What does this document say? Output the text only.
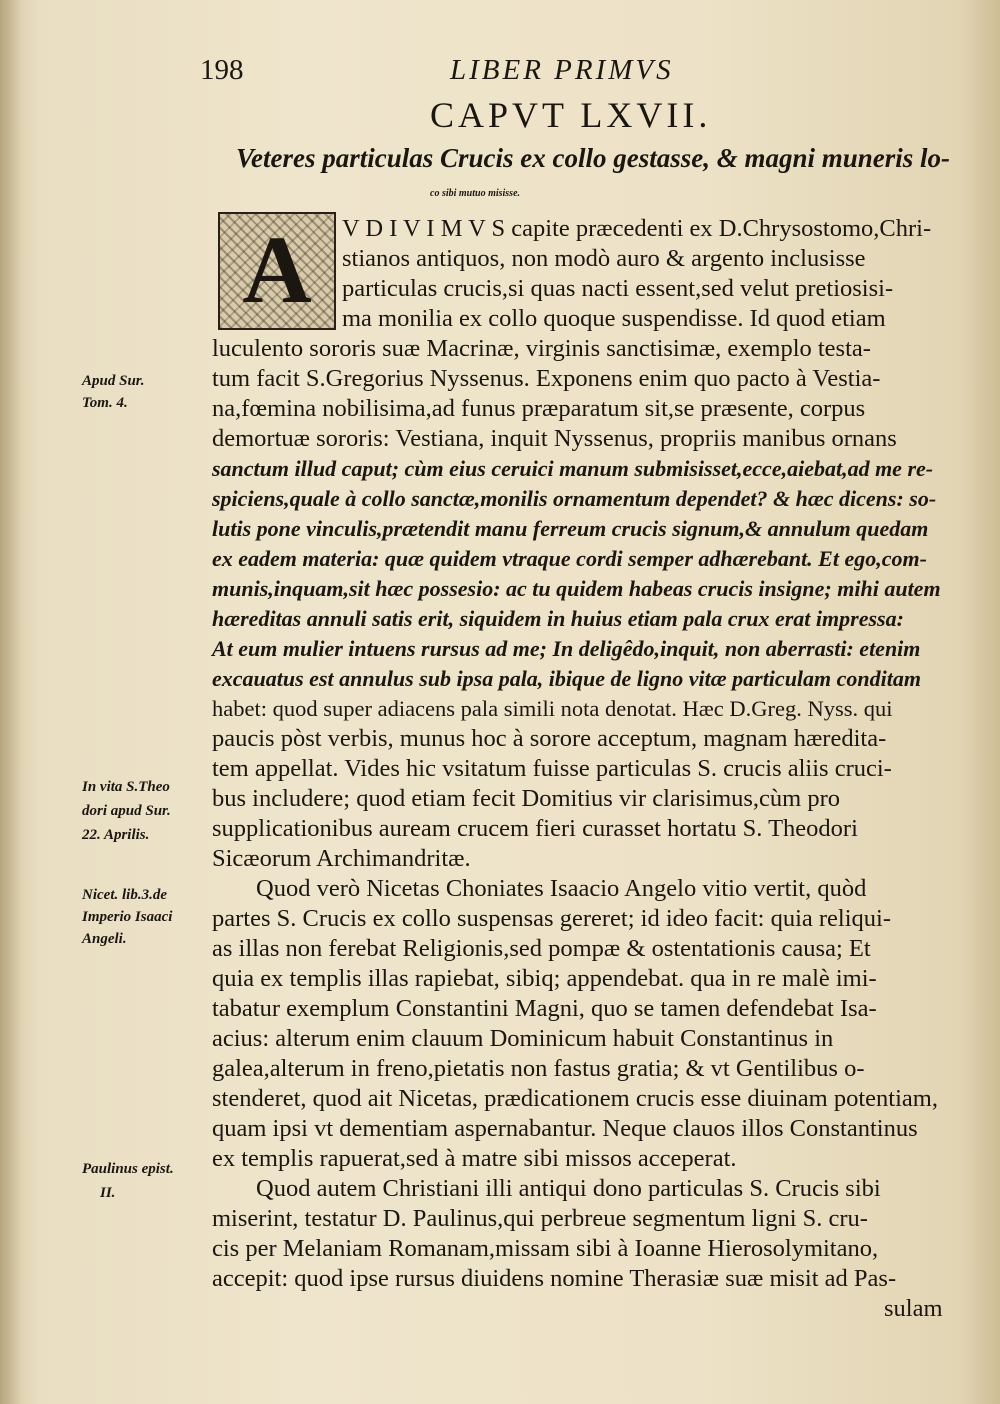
198	LIBER PRIMVS
CAPVT LXVII.
Veteres particulas Crucis ex collo gestasse, & magni muneris lo-
co sibi mutuo misisse.
A	V D I V I M V S capite præcedenti ex D.Chrysostomo,Chri-
stianos antiquos, non modò auro & argento inclusisse
particulas crucis,si quas nacti essent,sed velut pretiosisi-
ma monilia ex collo quoque suspendisse. Id quod etiam
luculento sororis suæ Macrinæ, virginis sanctisimæ, exemplo testa-
tum facit S.Gregorius Nyssenus. Exponens enim quo pacto à Vestia-
na,fœmina nobilisima,ad funus præparatum sit,se præsente, corpus
demortuæ sororis: Vestiana, inquit Nyssenus, propriis manibus ornans
sanctum illud caput; cùm eius ceruici manum submisisset,ecce,aiebat,ad me re-
spiciens,quale à collo sanctæ,monilis ornamentum dependet? & hæc dicens: so-
lutis pone vinculis,prætendit manu ferreum crucis signum,& annulum quedam
ex eadem materia: quæ quidem vtraque cordi semper adhærebant. Et ego,com-
munis,inquam,sit hæc possesio: ac tu quidem habeas crucis insigne; mihi autem
hæreditas annuli satis erit, siquidem in huius etiam pala crux erat impressa:
At eum mulier intuens rursus ad me; In deligêdo,inquit, non aberrasti: etenim
excauatus est annulus sub ipsa pala, ibique de ligno vitæ particulam conditam
habet: quod super adiacens pala simili nota denotat. Hæc D.Greg. Nyss. qui
paucis pòst verbis, munus hoc à sorore acceptum, magnam hæredita-
tem appellat. Vides hic vsitatum fuisse particulas S. crucis aliis cruci-
bus includere; quod etiam fecit Domitius vir clarisimus,cùm pro
supplicationibus auream crucem fieri curasset hortatu S. Theodori
Sicæorum Archimandritæ.
Quod verò Nicetas Choniates Isaacio Angelo vitio vertit, quòd
partes S. Crucis ex collo suspensas gereret; id ideo facit: quia reliqui-
as illas non ferebat Religionis,sed pompæ & ostentationis causa; Et
quia ex templis illas rapiebat, sibiq; appendebat. qua in re malè imi-
tabatur exemplum Constantini Magni, quo se tamen defendebat Isa-
acius: alterum enim clauum Dominicum habuit Constantinus in
galea,alterum in freno,pietatis non fastus gratia; & vt Gentilibus o-
stenderet, quod ait Nicetas, prædicationem crucis esse diuinam potentiam,
quam ipsi vt dementiam aspernabantur. Neque clauos illos Constantinus
ex templis rapuerat,sed à matre sibi missos acceperat.
Quod autem Christiani illi antiqui dono particulas S. Crucis sibi
miserint, testatur D. Paulinus,qui perbreue segmentum ligni S. cru-
cis per Melaniam Romanam,missam sibi à Ioanne Hierosolymitano,
accepit: quod ipse rursus diuidens nomine Therasiæ suæ misit ad Pas-
sulam
Apud Sur.
Tom. 4.
In vita S.Theo
dori apud Sur.
22. Aprilis.
Nicet. lib.3.de
Imperio Isaaci
Angeli.
Paulinus epist.
II.
